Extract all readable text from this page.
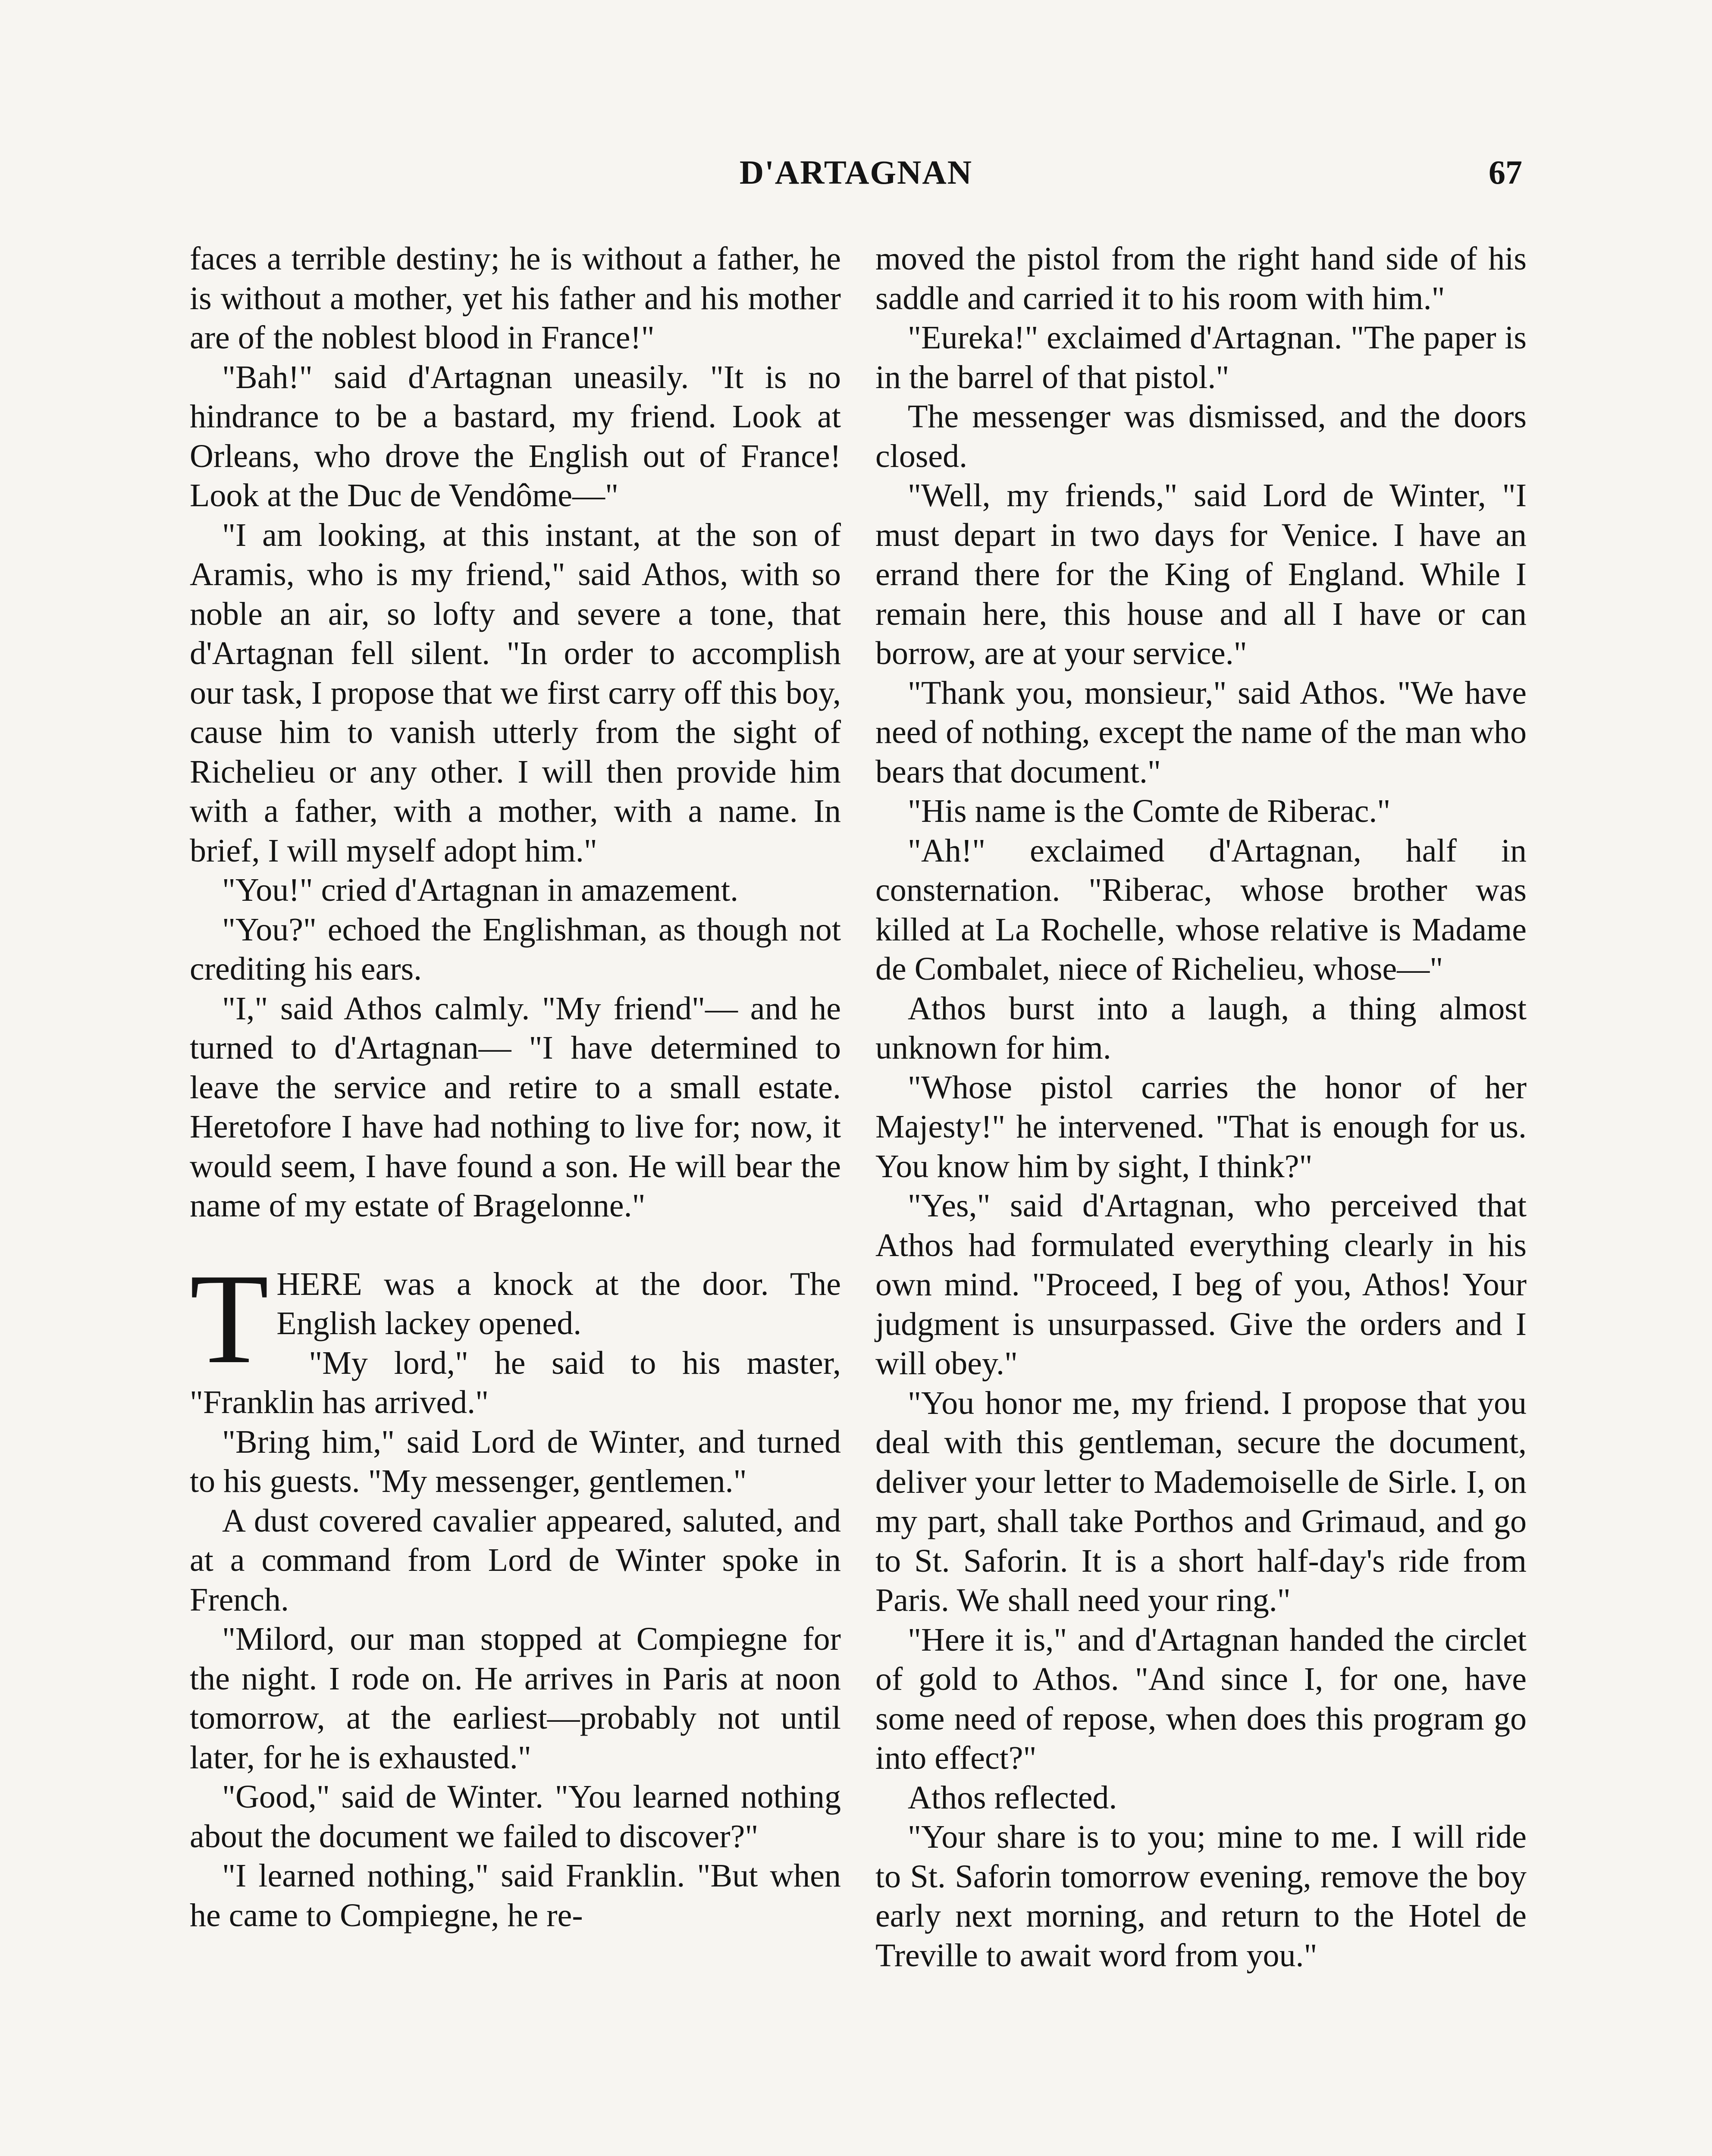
D'ARTAGNAN	67

faces a terrible destiny; he is without a father, he is without a mother, yet his father and his mother are of the noblest blood in France!"

"Bah!" said d'Artagnan uneasily. "It is no hindrance to be a bastard, my friend. Look at Orleans, who drove the English out of France! Look at the Duc de Vendôme—"

"I am looking, at this instant, at the son of Aramis, who is my friend," said Athos, with so noble an air, so lofty and severe a tone, that d'Artagnan fell silent. "In order to accomplish our task, I propose that we first carry off this boy, cause him to vanish utterly from the sight of Richelieu or any other. I will then provide him with a father, with a mother, with a name. In brief, I will myself adopt him."

"You!" cried d'Artagnan in amazement.

"You?" echoed the Englishman, as though not crediting his ears.

"I," said Athos calmly. "My friend"— and he turned to d'Artagnan— "I have determined to leave the service and retire to a small estate. Heretofore I have had nothing to live for; now, it would seem, I have found a son. He will bear the name of my estate of Bragelonne."

THERE was a knock at the door. The English lackey opened.

"My lord," he said to his master, "Franklin has arrived."

"Bring him," said Lord de Winter, and turned to his guests. "My messenger, gentlemen."

A dust covered cavalier appeared, saluted, and at a command from Lord de Winter spoke in French.

"Milord, our man stopped at Compiegne for the night. I rode on. He arrives in Paris at noon tomorrow, at the earliest—probably not until later, for he is exhausted."

"Good," said de Winter. "You learned nothing about the document we failed to discover?"

"I learned nothing," said Franklin. "But when he came to Compiegne, he re-

moved the pistol from the right hand side of his saddle and carried it to his room with him."

"Eureka!" exclaimed d'Artagnan. "The paper is in the barrel of that pistol."

The messenger was dismissed, and the doors closed.

"Well, my friends," said Lord de Winter, "I must depart in two days for Venice. I have an errand there for the King of England. While I remain here, this house and all I have or can borrow, are at your service."

"Thank you, monsieur," said Athos. "We have need of nothing, except the name of the man who bears that document."

"His name is the Comte de Riberac."

"Ah!" exclaimed d'Artagnan, half in consternation. "Riberac, whose brother was killed at La Rochelle, whose relative is Madame de Combalet, niece of Richelieu, whose—"

Athos burst into a laugh, a thing almost unknown for him.

"Whose pistol carries the honor of her Majesty!" he intervened. "That is enough for us. You know him by sight, I think?"

"Yes," said d'Artagnan, who perceived that Athos had formulated everything clearly in his own mind. "Proceed, I beg of you, Athos! Your judgment is unsurpassed. Give the orders and I will obey."

"You honor me, my friend. I propose that you deal with this gentleman, secure the document, deliver your letter to Mademoiselle de Sirle. I, on my part, shall take Porthos and Grimaud, and go to St. Saforin. It is a short half-day's ride from Paris. We shall need your ring."

"Here it is," and d'Artagnan handed the circlet of gold to Athos. "And since I, for one, have some need of repose, when does this program go into effect?"

Athos reflected.

"Your share is to you; mine to me. I will ride to St. Saforin tomorrow evening, remove the boy early next morning, and return to the Hotel de Treville to await word from you."
